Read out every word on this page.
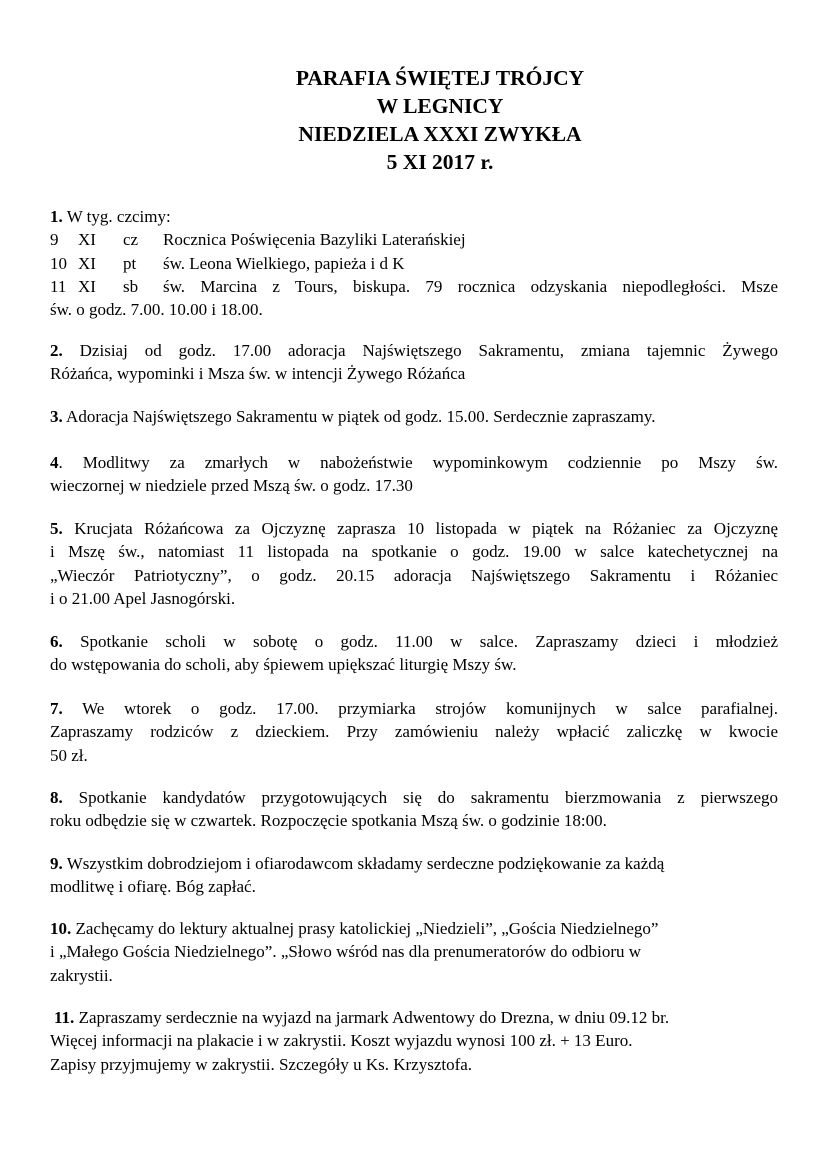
PARAFIA ŚWIĘTEJ TRÓJCY
W LEGNICY
NIEDZIELA XXXI ZWYKŁA
5 XI 2017 r.
1. W tyg. czcimy:
9	XI	cz	Rocznica Poświęcenia Bazyliki Laterańskiej
10 XI	pt	św. Leona Wielkiego, papieża i d K
11 XI	sb	św. Marcina z Tours, biskupa. 79 rocznica odzyskania niepodległości. Msze
św. o godz. 7.00. 10.00 i 18.00.
2. Dzisiaj od godz. 17.00 adoracja Najświętszego Sakramentu, zmiana tajemnic Żywego
Różańca, wypominki i Msza św. w intencji Żywego Różańca
3. Adoracja Najświętszego Sakramentu w piątek od godz. 15.00. Serdecznie zapraszamy.
4. Modlitwy za zmarłych w nabożeństwie wypominkowym codziennie po Mszy św.
wieczornej w niedziele przed Mszą św. o godz. 17.30
5. Krucjata Różańcowa za Ojczyznę zaprasza 10 listopada w piątek na Różaniec za Ojczyznę
i Mszę św., natomiast 11 listopada na spotkanie o godz. 19.00 w salce katechetycznej na
„Wieczór Patriotyczny”, o godz. 20.15 adoracja Najświętszego Sakramentu i Różaniec
i o 21.00 Apel Jasnogórski.
6. Spotkanie scholi w sobotę o godz. 11.00 w salce. Zapraszamy dzieci i młodzież
do wstępowania do scholi, aby śpiewem upiększać liturgię Mszy św.
7. We wtorek o godz. 17.00. przymiarka strojów komunijnych w salce parafialnej.
Zapraszamy rodziców z dzieckiem. Przy zamówieniu należy wpłacić zaliczkę w kwocie
50 zł.
8. Spotkanie kandydatów przygotowujących się do sakramentu bierzmowania z pierwszego
roku odbędzie się w czwartek. Rozpoczęcie spotkania Mszą św. o godzinie 18:00.
9. Wszystkim dobrodziejom i ofiarodawcom składamy serdeczne podziękowanie za każdą
modlitwę i ofiarę. Bóg zapłać.
10. Zachęcamy do lektury aktualnej prasy katolickiej „Niedzieli”, „Gościa Niedzielnego”
i „Małego Gościa Niedzielnego”. „Słowo wśród nas dla prenumeratorów do odbioru w
zakrystii.
11. Zapraszamy serdecznie na wyjazd na jarmark Adwentowy do Drezna, w dniu 09.12 br.
Więcej informacji na plakacie i w zakrystii. Koszt wyjazdu wynosi 100 zł. + 13 Euro.
Zapisy przyjmujemy w zakrystii. Szczegóły u Ks. Krzysztofa.
